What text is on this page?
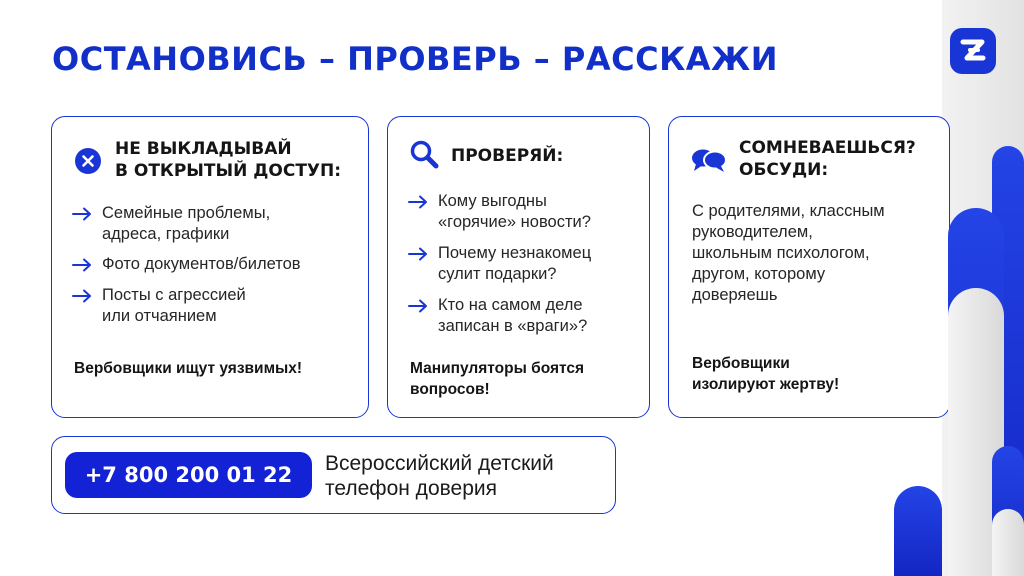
ОСТАНОВИСЬ – ПРОВЕРЬ – РАССКАЖИ

НЕ ВЫКЛАДЫВАЙ
В ОТКРЫТЫЙ ДОСТУП:

Семейные проблемы,
адреса, графики
Фото документов/билетов
Посты с агрессией
или отчаянием

Вербовщики ищут уязвимых!

ПРОВЕРЯЙ:

Кому выгодны
«горячие» новости?
Почему незнакомец
сулит подарки?
Кто на самом деле
записан в «враги»?

Манипуляторы боятся
вопросов!

СОМНЕВАЕШЬСЯ?
ОБСУДИ:

С родителями, классным
руководителем,
школьным психологом,
другом, которому
доверяешь

Вербовщики
изолируют жертву!

+7 800 200 01 22	Всероссийский детский
телефон доверия
